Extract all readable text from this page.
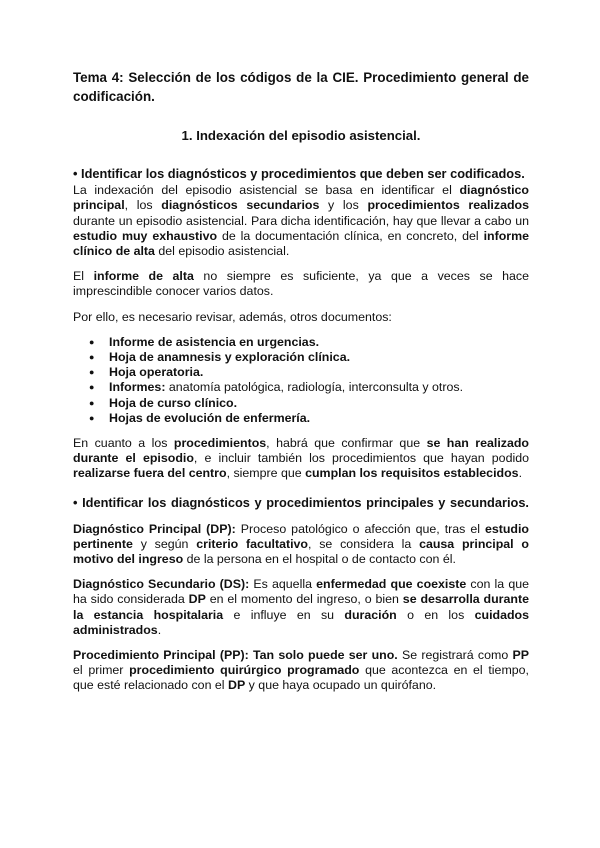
Tema 4: Selección de los códigos de la CIE. Procedimiento general de codificación.

1. Indexación del episodio asistencial.

• Identificar los diagnósticos y procedimientos que deben ser codificados.

La indexación del episodio asistencial se basa en identificar el diagnóstico principal, los diagnósticos secundarios y los procedimientos realizados durante un episodio asistencial. Para dicha identificación, hay que llevar a cabo un estudio muy exhaustivo de la documentación clínica, en concreto, del informe clínico de alta del episodio asistencial.

El informe de alta no siempre es suficiente, ya que a veces se hace imprescindible conocer varios datos.

Por ello, es necesario revisar, además, otros documentos:

● Informe de asistencia en urgencias.
● Hoja de anamnesis y exploración clínica.
● Hoja operatoria.
● Informes: anatomía patológica, radiología, interconsulta y otros.
● Hoja de curso clínico.
● Hojas de evolución de enfermería.

En cuanto a los procedimientos, habrá que confirmar que se han realizado durante el episodio, e incluir también los procedimientos que hayan podido realizarse fuera del centro, siempre que cumplan los requisitos establecidos.

• Identificar los diagnósticos y procedimientos principales y secundarios.

Diagnóstico Principal (DP): Proceso patológico o afección que, tras el estudio pertinente y según criterio facultativo, se considera la causa principal o motivo del ingreso de la persona en el hospital o de contacto con él.

Diagnóstico Secundario (DS): Es aquella enfermedad que coexiste con la que ha sido considerada DP en el momento del ingreso, o bien se desarrolla durante la estancia hospitalaria e influye en su duración o en los cuidados administrados.

Procedimiento Principal (PP): Tan solo puede ser uno. Se registrará como PP el primer procedimiento quirúrgico programado que acontezca en el tiempo, que esté relacionado con el DP y que haya ocupado un quirófano.
